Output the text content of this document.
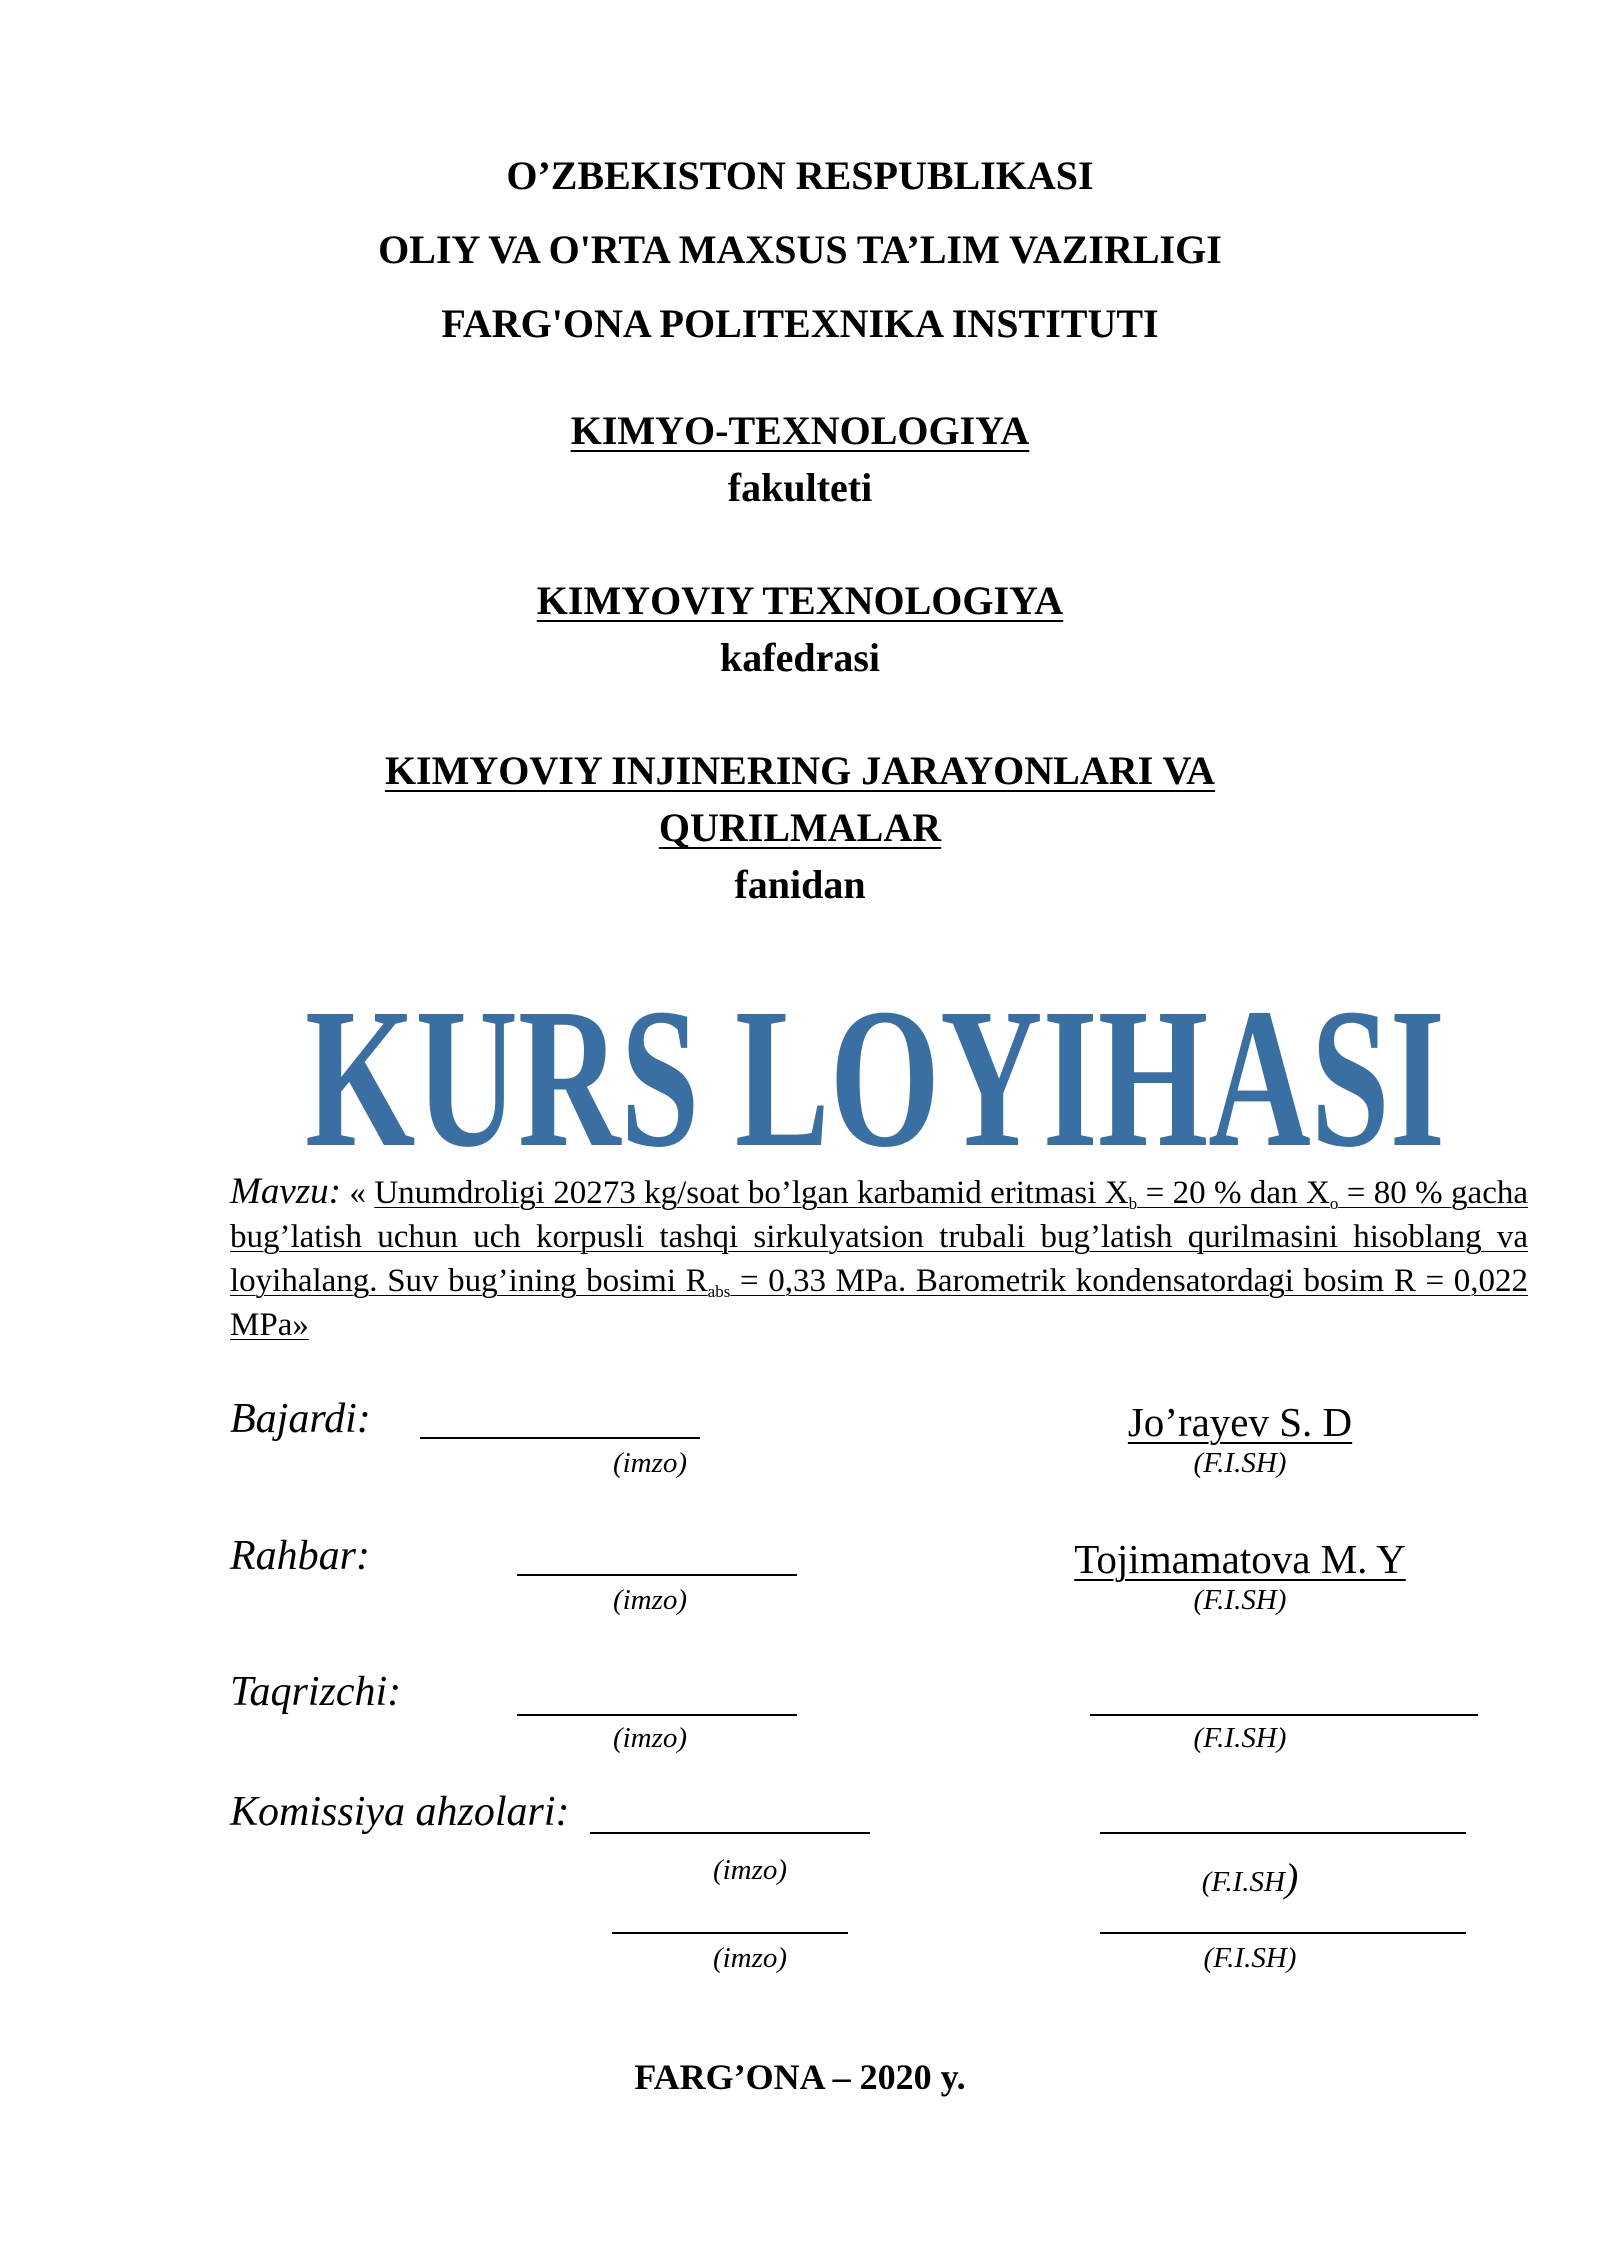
O’ZBEKISTON RESPUBLIKASI
OLIY VA O'RTA MAXSUS TA’LIM VAZIRLIGI
FARG'ONA POLITEXNIKA INSTITUTI
KIMYO-TEXNOLOGIYA
fakulteti
KIMYOVIY TEXNOLOGIYA
kafedrasi
KIMYOVIY INJINERING JARAYONLARI VA
QURILMALAR
fanidan
KURS LOYIHASI
Mavzu: « Unumdroligi 20273 kg/soat bo’lgan karbamid eritmasi $X_b = 20$ % dan $X_o = 80$ % gacha bug’latish uchun uch korpusli tashqi sirkulyatsion trubali bug’latish qurilmasini hisoblang va loyihalang. Suv bug’ining bosimi $R_{abs} = 0,33$ MPa. Barometrik kondensatordagi bosim R = 0,022 MPa»
Bajardi:
(imzo)
Jo’rayev S. D
(F.I.SH)
Rahbar:
(imzo)
Tojimamatova M. Y
(F.I.SH)
Taqrizchi:
(imzo)	(F.I.SH)
Komissiya ahzolari:
(imzo)	(F.I.SH)
(imzo)	(F.I.SH)
FARG’ONA – 2020 y.
